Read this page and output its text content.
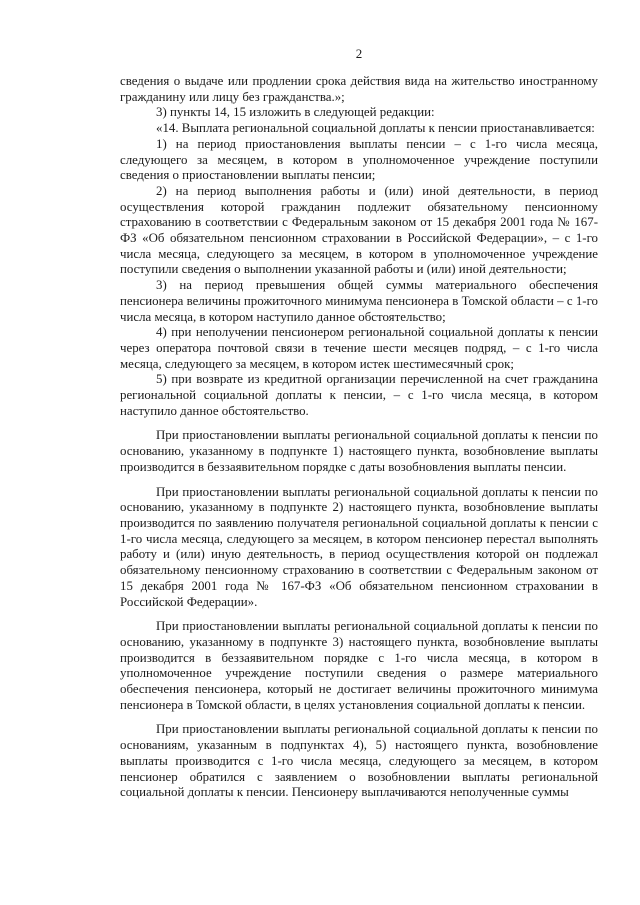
2

сведения о выдаче или продлении срока действия вида на жительство иностранному гражданину или лицу без гражданства.»;

3) пункты 14, 15 изложить в следующей редакции:

«14. Выплата региональной социальной доплаты к пенсии приостанавливается:

1) на период приостановления выплаты пенсии – с 1-го числа месяца, следующего за месяцем, в котором в уполномоченное учреждение поступили сведения о приостановлении выплаты пенсии;

2) на период выполнения работы и (или) иной деятельности, в период осуществления которой гражданин подлежит обязательному пенсионному страхованию в соответствии с Федеральным законом от 15 декабря 2001 года № 167-ФЗ «Об обязательном пенсионном страховании в Российской Федерации», – с 1-го числа месяца, следующего за месяцем, в котором в уполномоченное учреждение поступили сведения о выполнении указанной работы и (или) иной деятельности;

3) на период превышения общей суммы материального обеспечения пенсионера величины прожиточного минимума пенсионера в Томской области – с 1-го числа месяца, в котором наступило данное обстоятельство;

4) при неполучении пенсионером региональной социальной доплаты к пенсии через оператора почтовой связи в течение шести месяцев подряд, – с 1-го числа месяца, следующего за месяцем, в котором истек шестимесячный срок;

5) при возврате из кредитной организации перечисленной на счет гражданина региональной социальной доплаты к пенсии, – с 1-го числа месяца, в котором наступило данное обстоятельство.

При приостановлении выплаты региональной социальной доплаты к пенсии по основанию, указанному в подпункте 1) настоящего пункта, возобновление выплаты производится в беззаявительном порядке с даты возобновления выплаты пенсии.

При приостановлении выплаты региональной социальной доплаты к пенсии по основанию, указанному в подпункте 2) настоящего пункта, возобновление выплаты производится по заявлению получателя региональной социальной доплаты к пенсии с 1-го числа месяца, следующего за месяцем, в котором пенсионер перестал выполнять работу и (или) иную деятельность, в период осуществления которой он подлежал обязательному пенсионному страхованию в соответствии с Федеральным законом от 15 декабря 2001 года № 167-ФЗ «Об обязательном пенсионном страховании в Российской Федерации».

При приостановлении выплаты региональной социальной доплаты к пенсии по основанию, указанному в подпункте 3) настоящего пункта, возобновление выплаты производится в беззаявительном порядке с 1-го числа месяца, в котором в уполномоченное учреждение поступили сведения о размере материального обеспечения пенсионера, который не достигает величины прожиточного минимума пенсионера в Томской области, в целях установления социальной доплаты к пенсии.

При приостановлении выплаты региональной социальной доплаты к пенсии по основаниям, указанным в подпунктах 4), 5) настоящего пункта, возобновление выплаты производится с 1-го числа месяца, следующего за месяцем, в котором пенсионер обратился с заявлением о возобновлении выплаты региональной социальной доплаты к пенсии. Пенсионеру выплачиваются неполученные суммы
